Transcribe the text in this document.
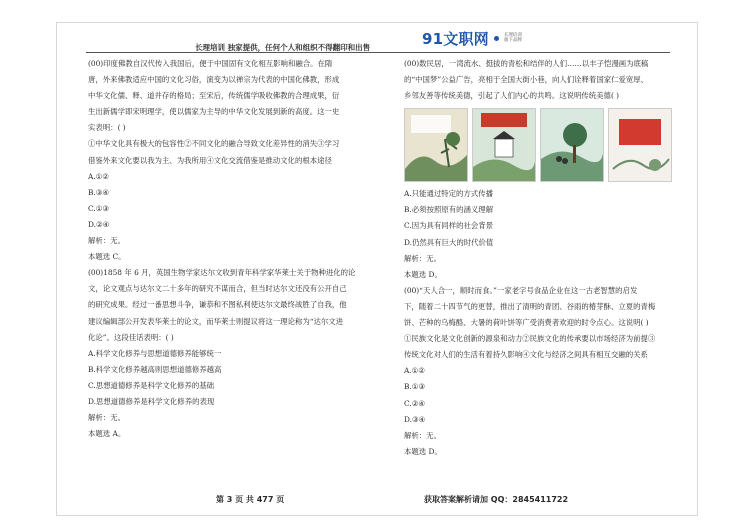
长理培训 独家提供，任何个人和组织不得翻印和出售	91文职网	长理培训
旗下品牌
(00)印度佛教自汉代传入我国后，便于中国固有文化相互影响和融合。在隋
唐，外来佛教适应中国的文化习俗，演变为以禅宗为代表的中国化佛教，形成
中华文化儒、释、道并存的格局；至宋后，传统儒学吸收佛教的合理成果，衍
生出新儒学即宋明理学，使以儒家为主导的中华文化发展到新的高度。这一史
实表明：( )
①中华文化具有极大的包容性②不同文化的融合导致文化差异性的消失③学习
借鉴外来文化要以我为主、为我所用④文化交流借鉴是推动文化的根本途径
A.①②
B.③④
C.①③
D.②④
解析：无。
本题选 C。
(00)1858 年 6 月，英国生物学家达尔文收到青年科学家华莱士关于物种进化的论
文，论文观点与达尔文二十多年的研究不谋而合，但当时达尔文还没有公开自己
的研究成果。经过一番思想斗争，谦恭和不图私利使达尔文最终战胜了自我，他
建议编辑部公开发表华莱士的论文，而华莱士则提议将这一理论称为“达尔文进
化论”。这段佳话表明：( )
A.科学文化修养与思想道德修养能够统一
B.科学文化修养越高则思想道德修养越高
C.思想道德修养是科学文化修养的基础
D.思想道德修养是科学文化修养的表现
解析：无。
本题选 A。
(00)数民居，一湾流水、挺拔的青松和结伴的人们……以丰子恺漫画为底稿
的“中国梦”公益广告，亮相于全国大街小巷，向人们诠释着国家仁爱宽厚、
乡邻友善等传统美德，引起了人们内心的共鸣。这说明传统美德( )
A.只能通过特定的方式传播
B.必须按照原有的涵义理解
C.因为具有同样的社会背景
D.仍然具有巨大的时代价值
解析：无。
本题选 D。
(00)“天人合一，顺时而食。”一家老字号食品企业在这一古老智慧的启发
下，随着二十四节气的更替，推出了清明的青团、谷雨的椿芽酥、立夏的青梅
饼、芒种的乌梅酪、大暑的荷叶饼等广受消费者欢迎的时令点心。这说明( )
①民族文化是文化创新的源泉和动力②民族文化的传承要以市场经济为前提③
传统文化对人们的生活有着持久影响④文化与经济之间具有相互交融的关系
A.①②
B.①③
C.②④
D.③④
解析：无。
本题选 D。
第 3 页 共 477 页	获取答案解析请加 QQ：2845411722
